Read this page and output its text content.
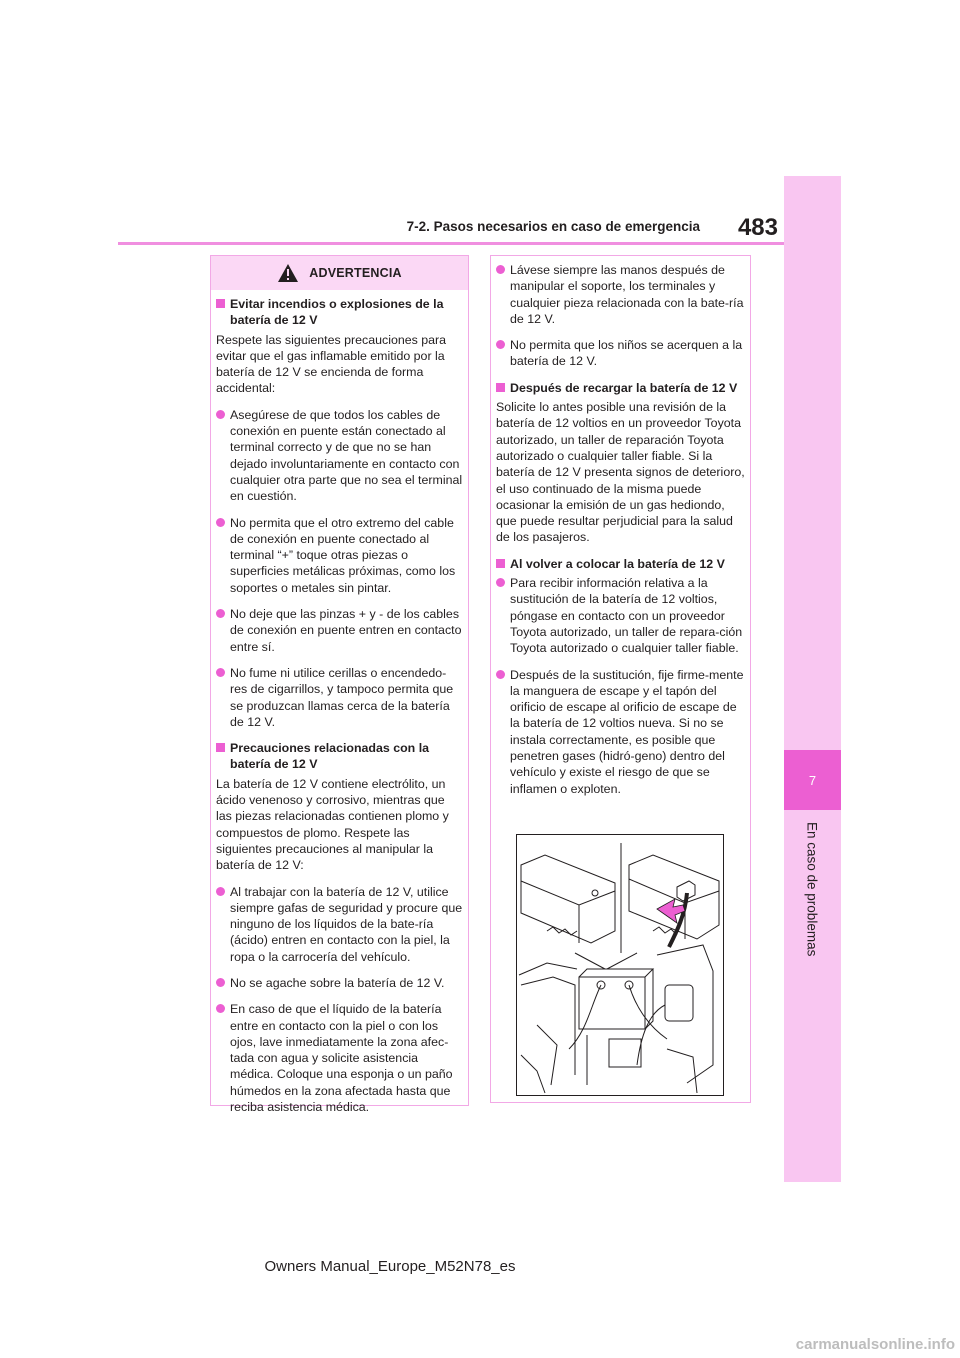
483
7-2. Pasos necesarios en caso de emergencia
7
En caso de problemas
ADVERTENCIA
Evitar incendios o explosiones de la batería de 12 V
Respete las siguientes precauciones para evitar que el gas inflamable emitido por la batería de 12 V se encienda de forma accidental:
Asegúrese de que todos los cables de conexión en puente están conectado al terminal correcto y de que no se han dejado involuntariamente en contacto con cualquier otra parte que no sea el terminal en cuestión.
No permita que el otro extremo del cable de conexión en puente conectado al terminal “+” toque otras piezas o superficies metálicas próximas, como los soportes o metales sin pintar.
No deje que las pinzas + y - de los cables de conexión en puente entren en contacto entre sí.
No fume ni utilice cerillas o encendedo-res de cigarrillos, y tampoco permita que se produzcan llamas cerca de la batería de 12 V.
Precauciones relacionadas con la batería de 12 V
La batería de 12 V contiene electrólito, un ácido venenoso y corrosivo, mientras que las piezas relacionadas contienen plomo y compuestos de plomo. Respete las siguientes precauciones al manipular la batería de 12 V:
Al trabajar con la batería de 12 V, utilice siempre gafas de seguridad y procure que ninguno de los líquidos de la bate-ría (ácido) entren en contacto con la piel, la ropa o la carrocería del vehículo.
No se agache sobre la batería de 12 V.
En caso de que el líquido de la batería entre en contacto con la piel o con los ojos, lave inmediatamente la zona afec-tada con agua y solicite asistencia médica. Coloque una esponja o un paño húmedos en la zona afectada hasta que reciba asistencia médica.
Lávese siempre las manos después de manipular el soporte, los terminales y cualquier pieza relacionada con la bate-ría de 12 V.
No permita que los niños se acerquen a la batería de 12 V.
Después de recargar la batería de 12 V
Solicite lo antes posible una revisión de la batería de 12 voltios en un proveedor Toyota autorizado, un taller de reparación Toyota autorizado o cualquier taller fiable. Si la batería de 12 V presenta signos de deterioro, el uso continuado de la misma puede ocasionar la emisión de un gas hediondo, que puede resultar perjudicial para la salud de los pasajeros.
Al volver a colocar la batería de 12 V
Para recibir información relativa a la sustitución de la batería de 12 voltios, póngase en contacto con un proveedor Toyota autorizado, un taller de repara-ción Toyota autorizado o cualquier taller fiable.
Después de la sustitución, fije firme-mente la manguera de escape y el tapón del orificio de escape al orificio de escape de la batería de 12 voltios nueva. Si no se instala correctamente, es posible que penetren gases (hidró-geno) dentro del vehículo y existe el riesgo de que se inflamen o exploten.
Owners Manual_Europe_M52N78_es
carmanualsonline.info
